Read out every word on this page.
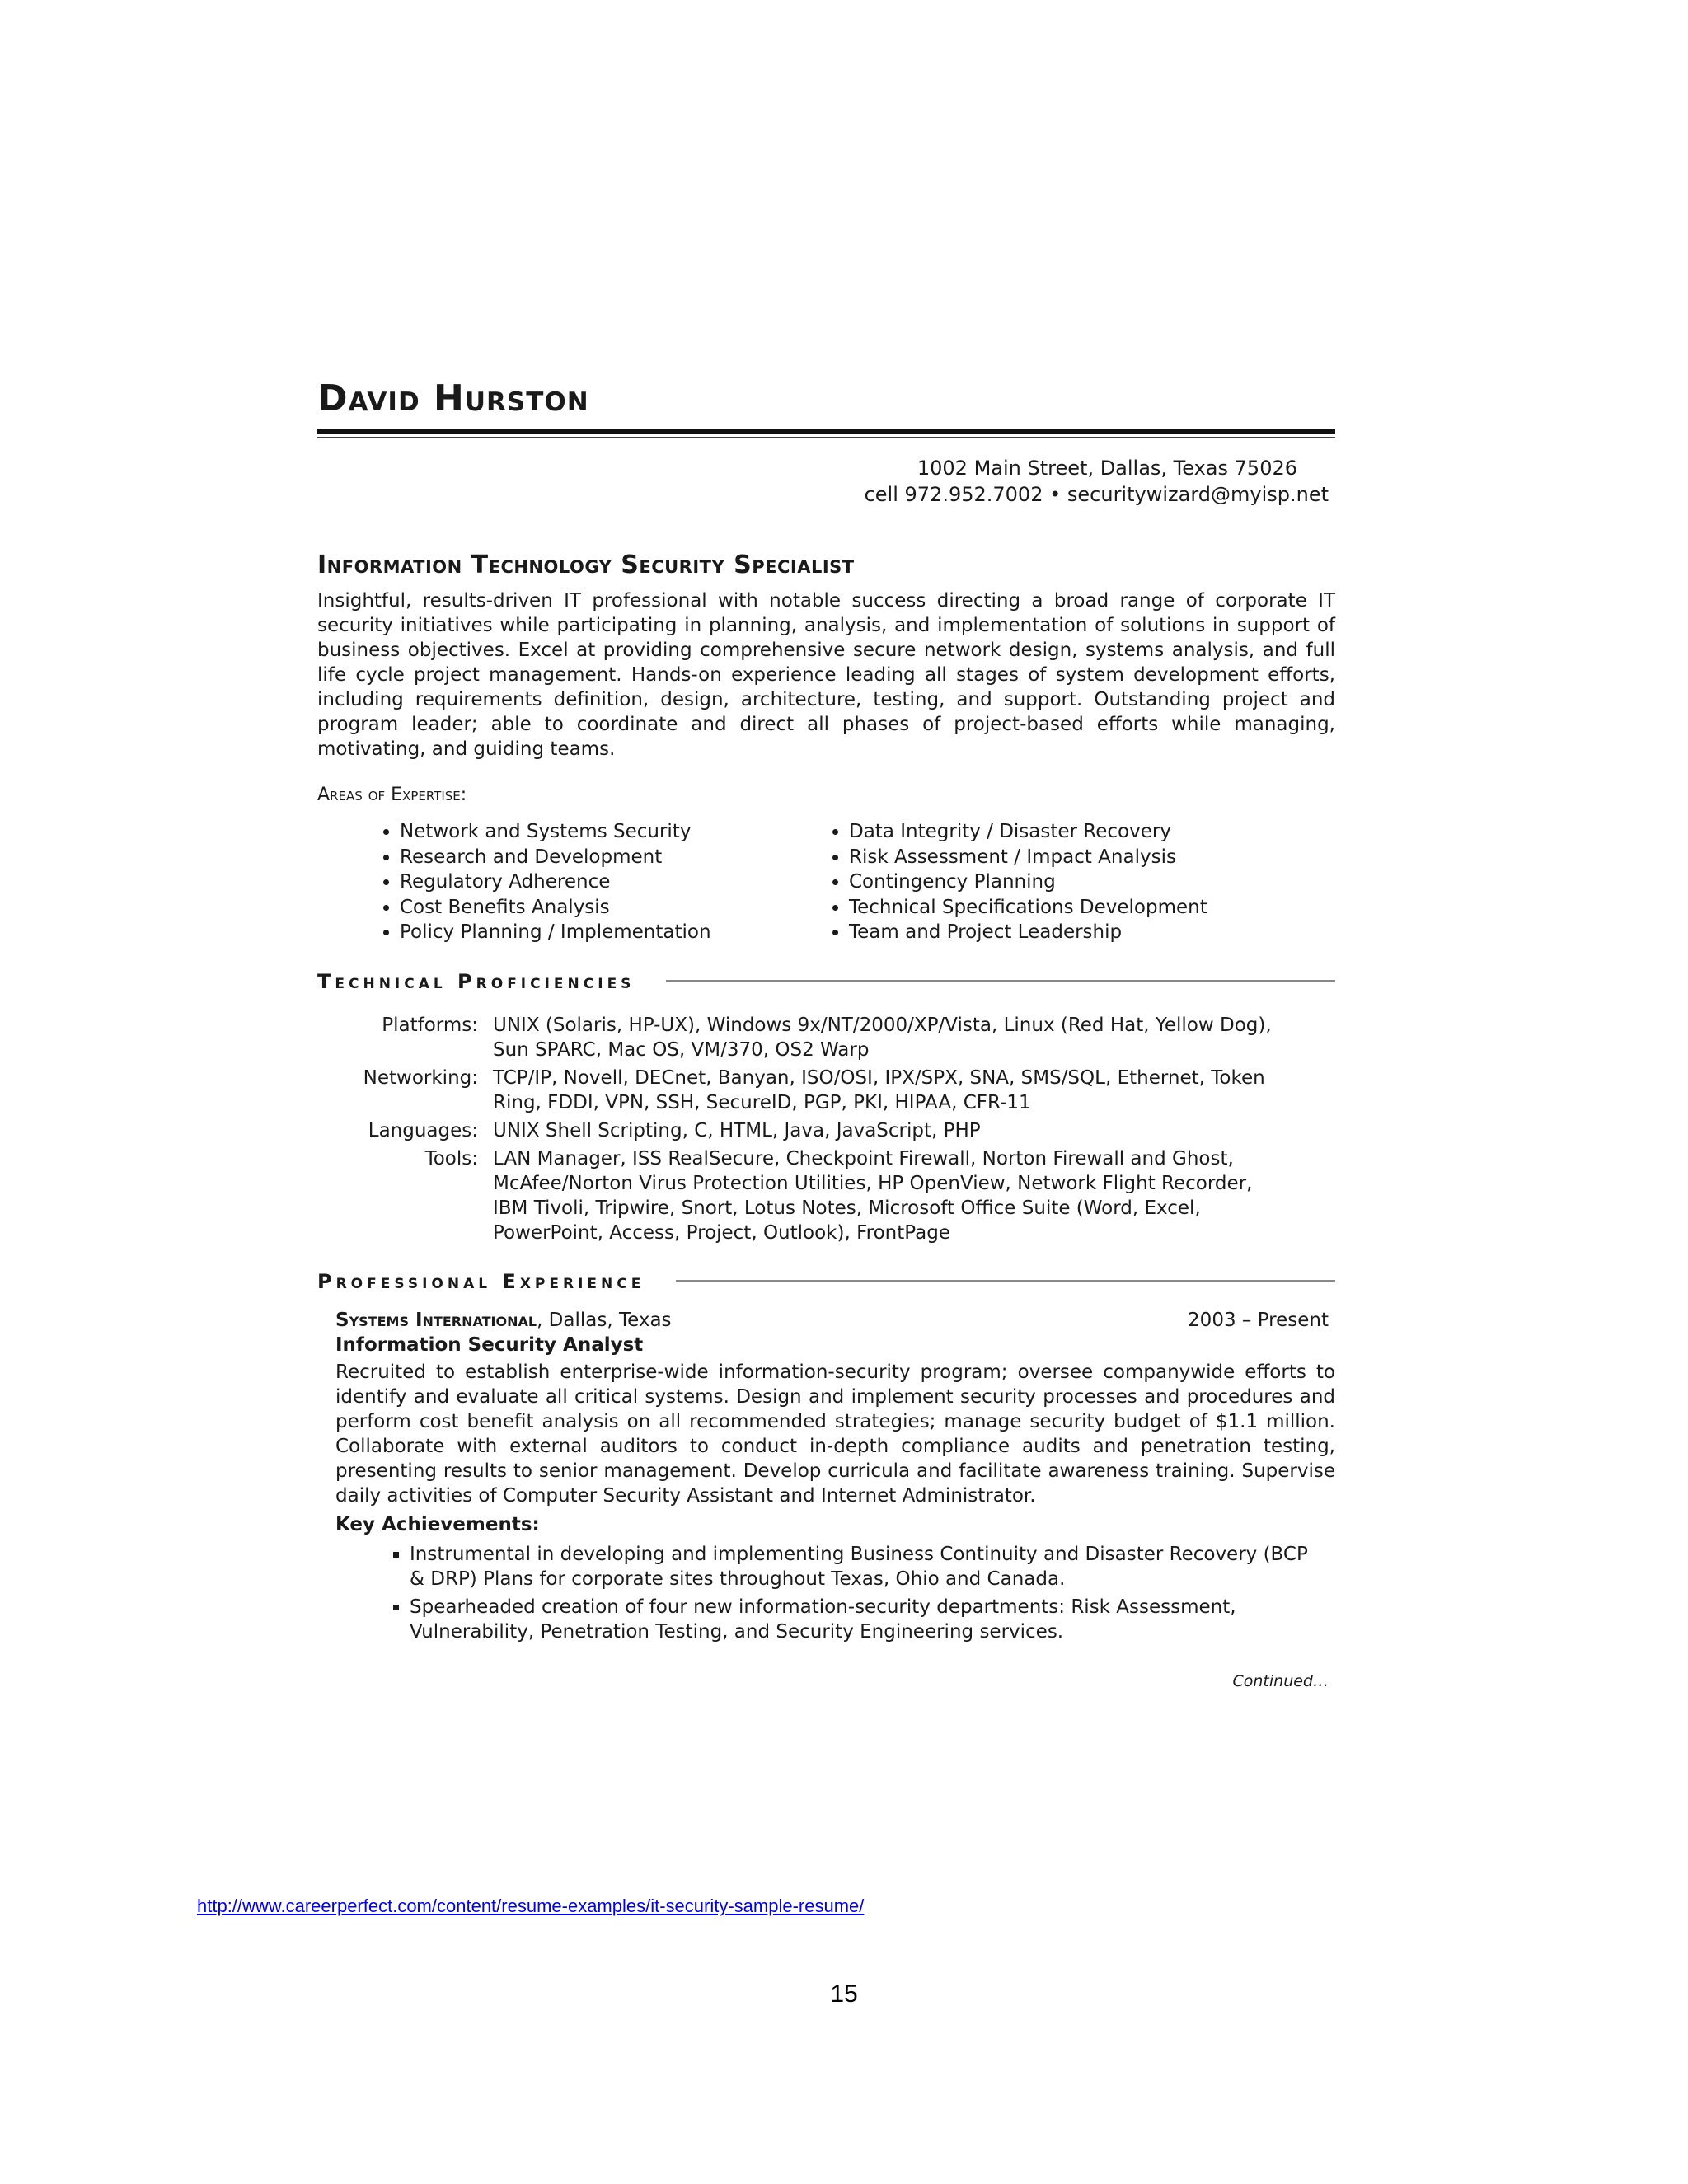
David Hurston
1002 Main Street, Dallas, Texas 75026
cell 972.952.7002 • securitywizard@myisp.net
Information Technology Security Specialist
Insightful, results-driven IT professional with notable success directing a broad range of corporate IT security initiatives while participating in planning, analysis, and implementation of solutions in support of business objectives. Excel at providing comprehensive secure network design, systems analysis, and full life cycle project management. Hands-on experience leading all stages of system development efforts, including requirements definition, design, architecture, testing, and support. Outstanding project and program leader; able to coordinate and direct all phases of project-based efforts while managing, motivating, and guiding teams.
Areas of Expertise:
• Network and Systems Security
• Research and Development
• Regulatory Adherence
• Cost Benefits Analysis
• Policy Planning / Implementation
• Data Integrity / Disaster Recovery
• Risk Assessment / Impact Analysis
• Contingency Planning
• Technical Specifications Development
• Team and Project Leadership
Technical Proficiencies
Platforms: UNIX (Solaris, HP-UX), Windows 9x/NT/2000/XP/Vista, Linux (Red Hat, Yellow Dog), Sun SPARC, Mac OS, VM/370, OS2 Warp
Networking: TCP/IP, Novell, DECnet, Banyan, ISO/OSI, IPX/SPX, SNA, SMS/SQL, Ethernet, Token Ring, FDDI, VPN, SSH, SecureID, PGP, PKI, HIPAA, CFR-11
Languages: UNIX Shell Scripting, C, HTML, Java, JavaScript, PHP
Tools: LAN Manager, ISS RealSecure, Checkpoint Firewall, Norton Firewall and Ghost, McAfee/Norton Virus Protection Utilities, HP OpenView, Network Flight Recorder, IBM Tivoli, Tripwire, Snort, Lotus Notes, Microsoft Office Suite (Word, Excel, PowerPoint, Access, Project, Outlook), FrontPage
Professional Experience
Systems International, Dallas, Texas	2003 – Present
Information Security Analyst
Recruited to establish enterprise-wide information-security program; oversee companywide efforts to identify and evaluate all critical systems. Design and implement security processes and procedures and perform cost benefit analysis on all recommended strategies; manage security budget of $1.1 million. Collaborate with external auditors to conduct in-depth compliance audits and penetration testing, presenting results to senior management. Develop curricula and facilitate awareness training. Supervise daily activities of Computer Security Assistant and Internet Administrator.
Key Achievements:
▪ Instrumental in developing and implementing Business Continuity and Disaster Recovery (BCP & DRP) Plans for corporate sites throughout Texas, Ohio and Canada.
▪ Spearheaded creation of four new information-security departments: Risk Assessment, Vulnerability, Penetration Testing, and Security Engineering services.
Continued…
http://www.careerperfect.com/content/resume-examples/it-security-sample-resume/
15
